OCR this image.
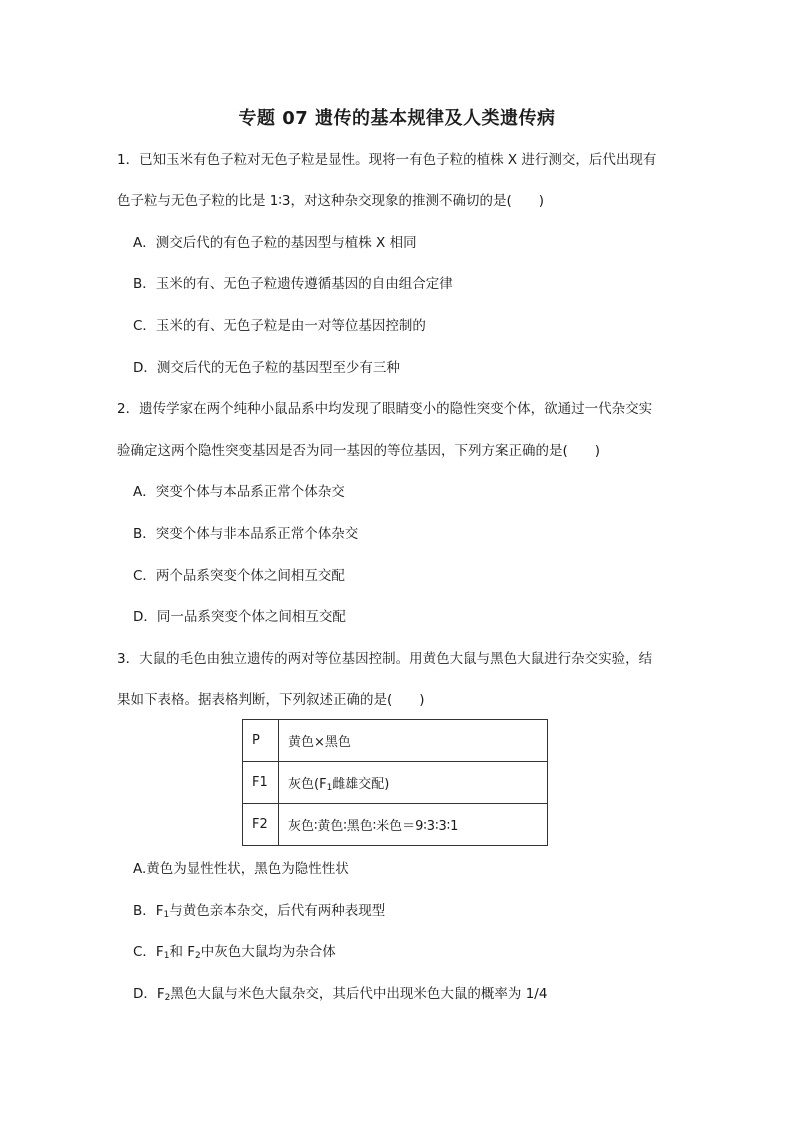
专题 07 遗传的基本规律及人类遗传病
1．已知玉米有色子粒对无色子粒是显性。现将一有色子粒的植株 X 进行测交，后代出现有
色子粒与无色子粒的比是 1∶3，对这种杂交现象的推测不确切的是(　　)
A．测交后代的有色子粒的基因型与植株 X 相同
B．玉米的有、无色子粒遗传遵循基因的自由组合定律
C．玉米的有、无色子粒是由一对等位基因控制的
D．测交后代的无色子粒的基因型至少有三种
2．遗传学家在两个纯种小鼠品系中均发现了眼睛变小的隐性突变个体，欲通过一代杂交实
验确定这两个隐性突变基因是否为同一基因的等位基因，下列方案正确的是(　　)
A．突变个体与本品系正常个体杂交
B．突变个体与非本品系正常个体杂交
C．两个品系突变个体之间相互交配
D．同一品系突变个体之间相互交配
3．大鼠的毛色由独立遗传的两对等位基因控制。用黄色大鼠与黑色大鼠进行杂交实验，结
果如下表格。据表格判断，下列叙述正确的是(　　)
P	黄色×黑色
F1	灰色($F_1$雌雄交配)
F2	灰色∶黄色∶黑色∶米色＝9∶3∶3∶1
A.黄色为显性性状，黑色为隐性性状
B．$F_1$与黄色亲本杂交，后代有两种表现型
C．$F_1$和 $F_2$中灰色大鼠均为杂合体
D．$F_2$黑色大鼠与米色大鼠杂交，其后代中出现米色大鼠的概率为 1/4
